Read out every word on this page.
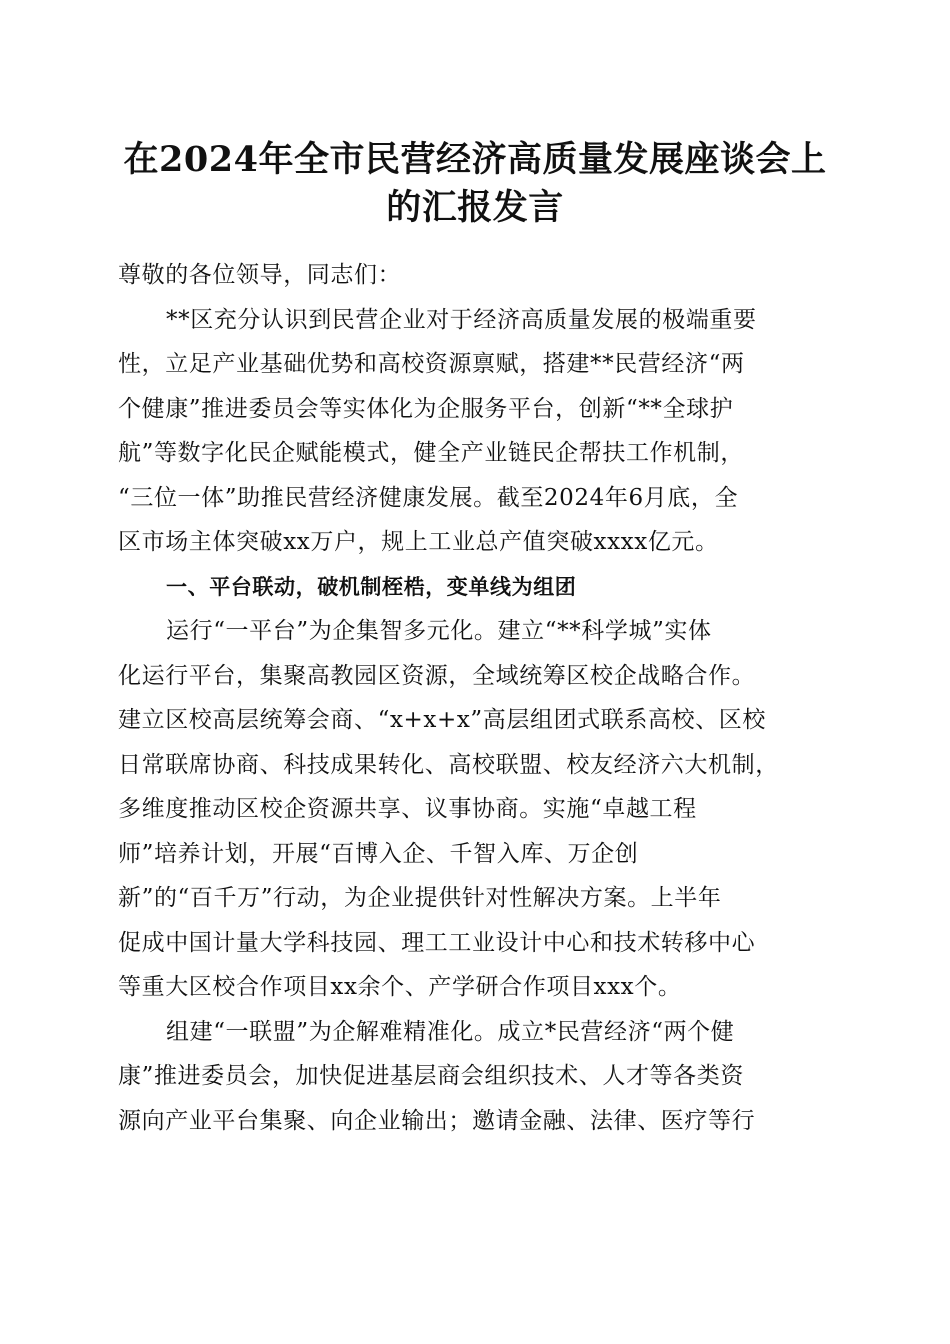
在2024年全市民营经济高质量发展座谈会上
的汇报发言
尊敬的各位领导，同志们：
**区充分认识到民营企业对于经济高质量发展的极端重要
性，立足产业基础优势和高校资源禀赋，搭建**民营经济“两
个健康”推进委员会等实体化为企服务平台，创新“**全球护
航”等数字化民企赋能模式，健全产业链民企帮扶工作机制，
“三位一体”助推民营经济健康发展。截至2024年6月底，全
区市场主体突破xx万户，规上工业总产值突破xxxx亿元。
一、平台联动，破机制桎梏，变单线为组团
运行“一平台”为企集智多元化。建立“**科学城”实体
化运行平台，集聚高教园区资源，全域统筹区校企战略合作。
建立区校高层统筹会商、“x+x+x”高层组团式联系高校、区校
日常联席协商、科技成果转化、高校联盟、校友经济六大机制，
多维度推动区校企资源共享、议事协商。实施“卓越工程
师”培养计划，开展“百博入企、千智入库、万企创
新”的“百千万”行动，为企业提供针对性解决方案。上半年
促成中国计量大学科技园、理工工业设计中心和技术转移中心
等重大区校合作项目xx余个、产学研合作项目xxx个。
组建“一联盟”为企解难精准化。成立*民营经济“两个健
康”推进委员会，加快促进基层商会组织技术、人才等各类资
源向产业平台集聚、向企业输出；邀请金融、法律、医疗等行
